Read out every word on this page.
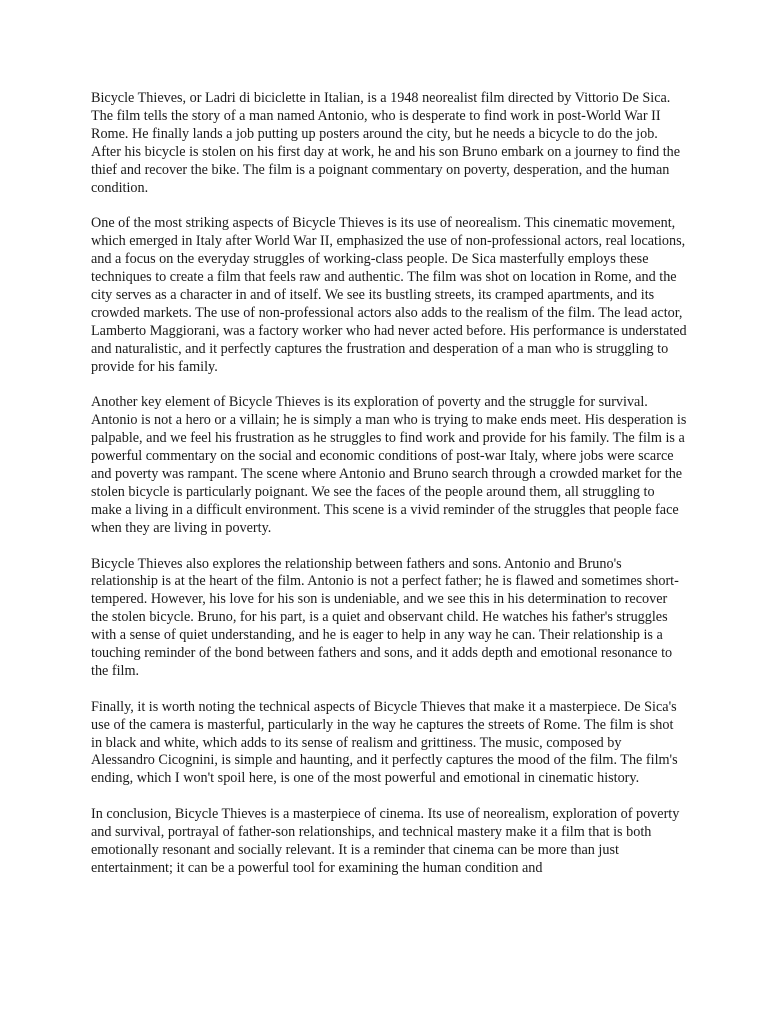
Bicycle Thieves, or Ladri di biciclette in Italian, is a 1948 neorealist film directed by Vittorio De Sica. The film tells the story of a man named Antonio, who is desperate to find work in post-World War II Rome. He finally lands a job putting up posters around the city, but he needs a bicycle to do the job. After his bicycle is stolen on his first day at work, he and his son Bruno embark on a journey to find the thief and recover the bike. The film is a poignant commentary on poverty, desperation, and the human condition.

One of the most striking aspects of Bicycle Thieves is its use of neorealism. This cinematic movement, which emerged in Italy after World War II, emphasized the use of non-professional actors, real locations, and a focus on the everyday struggles of working-class people. De Sica masterfully employs these techniques to create a film that feels raw and authentic. The film was shot on location in Rome, and the city serves as a character in and of itself. We see its bustling streets, its cramped apartments, and its crowded markets. The use of non-professional actors also adds to the realism of the film. The lead actor, Lamberto Maggiorani, was a factory worker who had never acted before. His performance is understated and naturalistic, and it perfectly captures the frustration and desperation of a man who is struggling to provide for his family.

Another key element of Bicycle Thieves is its exploration of poverty and the struggle for survival. Antonio is not a hero or a villain; he is simply a man who is trying to make ends meet. His desperation is palpable, and we feel his frustration as he struggles to find work and provide for his family. The film is a powerful commentary on the social and economic conditions of post-war Italy, where jobs were scarce and poverty was rampant. The scene where Antonio and Bruno search through a crowded market for the stolen bicycle is particularly poignant. We see the faces of the people around them, all struggling to make a living in a difficult environment. This scene is a vivid reminder of the struggles that people face when they are living in poverty.

Bicycle Thieves also explores the relationship between fathers and sons. Antonio and Bruno's relationship is at the heart of the film. Antonio is not a perfect father; he is flawed and sometimes short-tempered. However, his love for his son is undeniable, and we see this in his determination to recover the stolen bicycle. Bruno, for his part, is a quiet and observant child. He watches his father's struggles with a sense of quiet understanding, and he is eager to help in any way he can. Their relationship is a touching reminder of the bond between fathers and sons, and it adds depth and emotional resonance to the film.

Finally, it is worth noting the technical aspects of Bicycle Thieves that make it a masterpiece. De Sica's use of the camera is masterful, particularly in the way he captures the streets of Rome. The film is shot in black and white, which adds to its sense of realism and grittiness. The music, composed by Alessandro Cicognini, is simple and haunting, and it perfectly captures the mood of the film. The film's ending, which I won't spoil here, is one of the most powerful and emotional in cinematic history.

In conclusion, Bicycle Thieves is a masterpiece of cinema. Its use of neorealism, exploration of poverty and survival, portrayal of father-son relationships, and technical mastery make it a film that is both emotionally resonant and socially relevant. It is a reminder that cinema can be more than just entertainment; it can be a powerful tool for examining the human condition and
